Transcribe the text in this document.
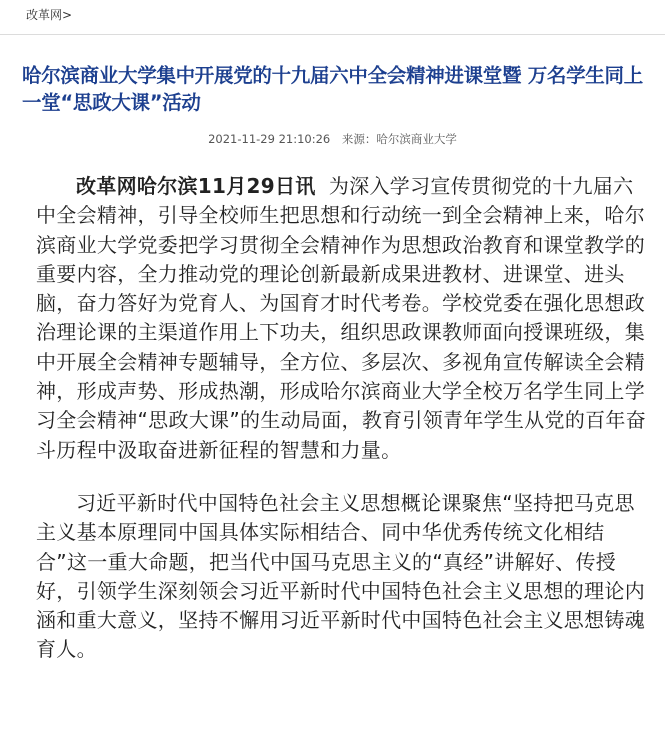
改革网>
哈尔滨商业大学集中开展党的十九届六中全会精神进课堂暨 万名学生同上一堂“思政大课”活动
2021-11-29 21:10:26 来源：哈尔滨商业大学

改革网哈尔滨11月29日讯 为深入学习宣传贯彻党的十九届六中全会精神，引导全校师生把思想和行动统一到全会精神上来，哈尔滨商业大学党委把学习贯彻全会精神作为思想政治教育和课堂教学的重要内容，全力推动党的理论创新最新成果进教材、进课堂、进头脑，奋力答好为党育人、为国育才时代考卷。学校党委在强化思想政治理论课的主渠道作用上下功夫，组织思政课教师面向授课班级，集中开展全会精神专题辅导，全方位、多层次、多视角宣传解读全会精神，形成声势、形成热潮，形成哈尔滨商业大学全校万名学生同上学习全会精神“思政大课”的生动局面，教育引领青年学生从党的百年奋斗历程中汲取奋进新征程的智慧和力量。

习近平新时代中国特色社会主义思想概论课聚焦“坚持把马克思主义基本原理同中国具体实际相结合、同中华优秀传统文化相结合”这一重大命题，把当代中国马克思主义的“真经”讲解好、传授好，引领学生深刻领会习近平新时代中国特色社会主义思想的理论内涵和重大意义，坚持不懈用习近平新时代中国特色社会主义思想铸魂育人。
